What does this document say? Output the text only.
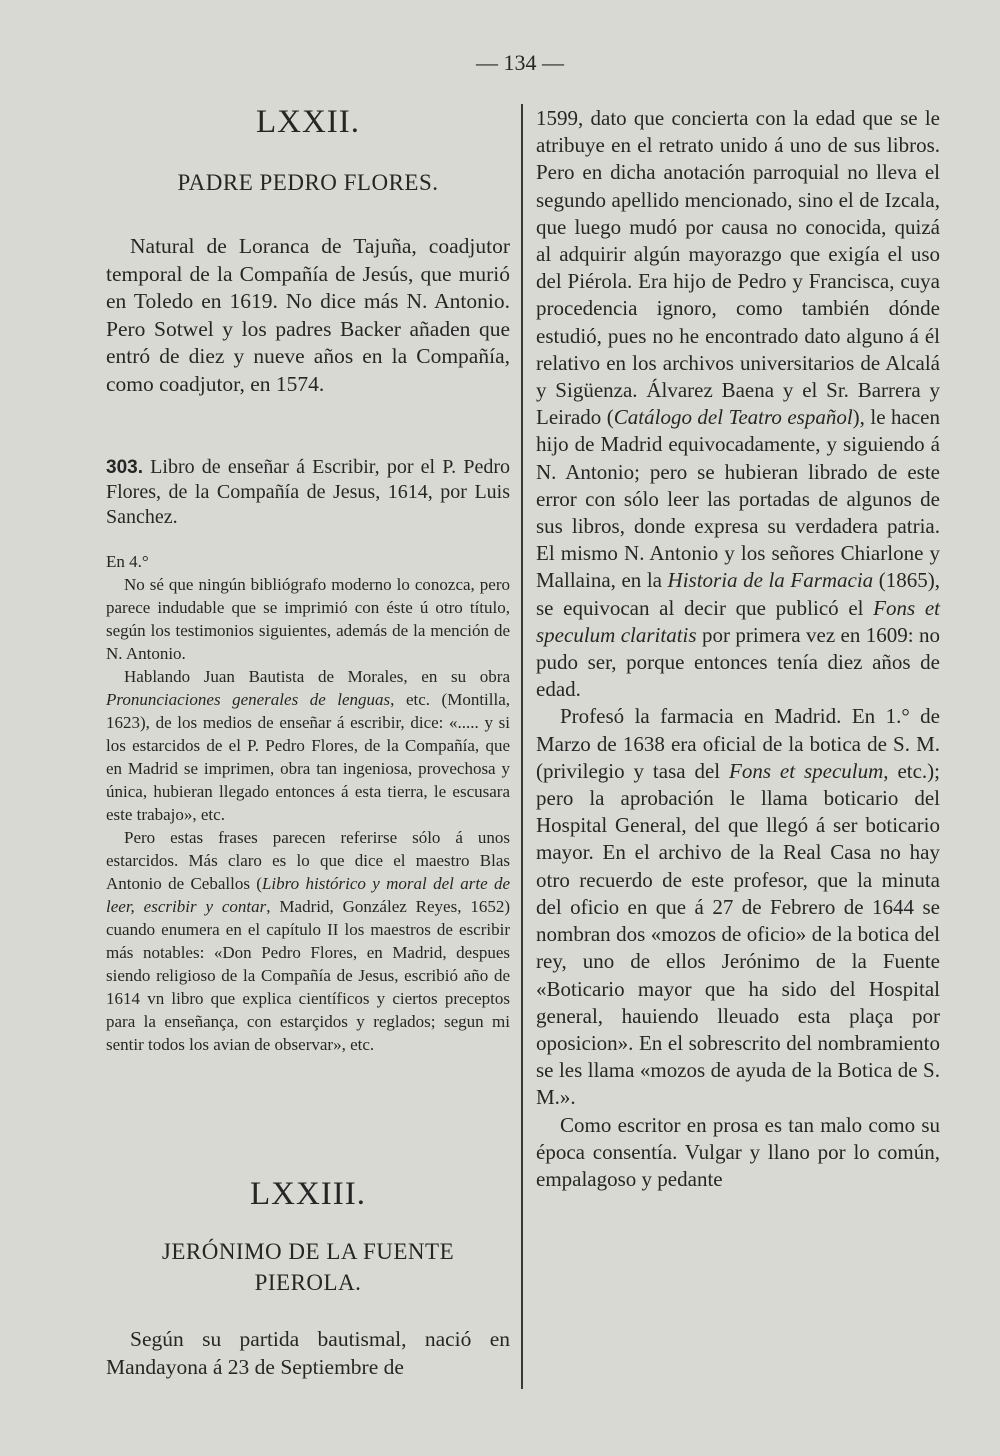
— 134 —
LXXII.
PADRE PEDRO FLORES.

Natural de Loranca de Tajuña, coadjutor temporal de la Compañía de Jesús, que murió en Toledo en 1619. No dice más N. Antonio. Pero Sotwel y los padres Backer añaden que entró de diez y nueve años en la Compañía, como coadjutor, en 1574.

303. Libro de enseñar á Escribir, por el P. Pedro Flores, de la Compañía de Jesus, 1614, por Luis Sanchez.

En 4.°

No sé que ningún bibliógrafo moderno lo conozca, pero parece indudable que se imprimió con éste ú otro título, según los testimonios siguientes, además de la mención de N. Antonio.

Hablando Juan Bautista de Morales, en su obra Pronunciaciones generales de lenguas, etc. (Montilla, 1623), de los medios de enseñar á escribir, dice: «..... y si los estarcidos de el P. Pedro Flores, de la Compañía, que en Madrid se imprimen, obra tan ingeniosa, provechosa y única, hubieran llegado entonces á esta tierra, le escusara este trabajo», etc.

Pero estas frases parecen referirse sólo á unos estarcidos. Más claro es lo que dice el maestro Blas Antonio de Ceballos (Libro histórico y moral del arte de leer, escribir y contar, Madrid, González Reyes, 1652) cuando enumera en el capítulo II los maestros de escribir más notables: «Don Pedro Flores, en Madrid, despues siendo religioso de la Compañía de Jesus, escribió año de 1614 vn libro que explica científicos y ciertos preceptos para la enseñança, con estarçidos y reglados; segun mi sentir todos los avian de observar», etc.

LXXIII.
JERÓNIMO DE LA FUENTE
PIEROLA.

Según su partida bautismal, nació en Mandayona á 23 de Septiembre de

1599, dato que concierta con la edad que se le atribuye en el retrato unido á uno de sus libros. Pero en dicha anotación parroquial no lleva el segundo apellido mencionado, sino el de Izcala, que luego mudó por causa no conocida, quizá al adquirir algún mayorazgo que exigía el uso del Piérola. Era hijo de Pedro y Francisca, cuya procedencia ignoro, como también dónde estudió, pues no he encontrado dato alguno á él relativo en los archivos universitarios de Alcalá y Sigüenza. Álvarez Baena y el Sr. Barrera y Leirado (Catálogo del Teatro español), le hacen hijo de Madrid equivocadamente, y siguiendo á N. Antonio; pero se hubieran librado de este error con sólo leer las portadas de algunos de sus libros, donde expresa su verdadera patria. El mismo N. Antonio y los señores Chiarlone y Mallaina, en la Historia de la Farmacia (1865), se equivocan al decir que publicó el Fons et speculum claritatis por primera vez en 1609: no pudo ser, porque entonces tenía diez años de edad.

Profesó la farmacia en Madrid. En 1.° de Marzo de 1638 era oficial de la botica de S. M. (privilegio y tasa del Fons et speculum, etc.); pero la aprobación le llama boticario del Hospital General, del que llegó á ser boticario mayor. En el archivo de la Real Casa no hay otro recuerdo de este profesor, que la minuta del oficio en que á 27 de Febrero de 1644 se nombran dos «mozos de oficio» de la botica del rey, uno de ellos Jerónimo de la Fuente «Boticario mayor que ha sido del Hospital general, hauiendo lleuado esta plaça por oposicion». En el sobrescrito del nombramiento se les llama «mozos de ayuda de la Botica de S. M.».

Como escritor en prosa es tan malo como su época consentía. Vulgar y llano por lo común, empalagoso y pedante
